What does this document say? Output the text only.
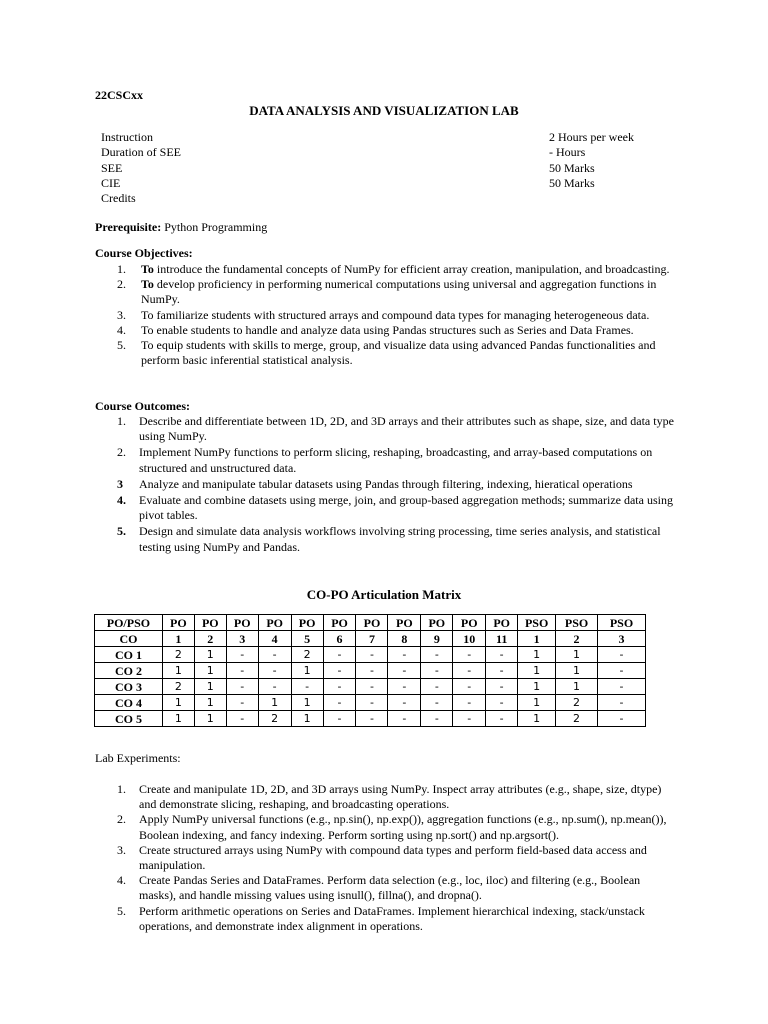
22CSCxx
DATA ANALYSIS AND VISUALIZATION LAB
Instruction	2 Hours per week
Duration of SEE	- Hours
SEE	50 Marks
CIE	50 Marks
Credits
Prerequisite: Python Programming
Course Objectives:
1. To introduce the fundamental concepts of NumPy for efficient array creation, manipulation, and broadcasting.
2. To develop proficiency in performing numerical computations using universal and aggregation functions in NumPy.
3. To familiarize students with structured arrays and compound data types for managing heterogeneous data.
4. To enable students to handle and analyze data using Pandas structures such as Series and Data Frames.
5. To equip students with skills to merge, group, and visualize data using advanced Pandas functionalities and perform basic inferential statistical analysis.
Course Outcomes:
1. Describe and differentiate between 1D, 2D, and 3D arrays and their attributes such as shape, size, and data type using NumPy.
2. Implement NumPy functions to perform slicing, reshaping, broadcasting, and array-based computations on structured and unstructured data.
3 Analyze and manipulate tabular datasets using Pandas through filtering, indexing, hieratical operations
4. Evaluate and combine datasets using merge, join, and group-based aggregation methods; summarize data using pivot tables.
5. Design and simulate data analysis workflows involving string processing, time series analysis, and statistical testing using NumPy and Pandas.
CO-PO Articulation Matrix
PO/PSO	PO	PO	PO	PO	PO	PO	PO	PO	PO	PO	PO	PSO	PSO	PSO
CO	1	2	3	4	5	6	7	8	9	10	11	1	2	3
CO 1	2	1	-	-	2	-	-	-	-	-	-	1	1	-
CO 2	1	1	-	-	1	-	-	-	-	-	-	1	1	-
CO 3	2	1	-	-	-	-	-	-	-	-	-	1	1	-
CO 4	1	1	-	1	1	-	-	-	-	-	-	1	2	-
CO 5	1	1	-	2	1	-	-	-	-	-	-	1	2	-
Lab Experiments:
1. Create and manipulate 1D, 2D, and 3D arrays using NumPy. Inspect array attributes (e.g., shape, size, dtype) and demonstrate slicing, reshaping, and broadcasting operations.
2. Apply NumPy universal functions (e.g., np.sin(), np.exp()), aggregation functions (e.g., np.sum(), np.mean()), Boolean indexing, and fancy indexing. Perform sorting using np.sort() and np.argsort().
3. Create structured arrays using NumPy with compound data types and perform field-based data access and manipulation.
4. Create Pandas Series and DataFrames. Perform data selection (e.g., loc, iloc) and filtering (e.g., Boolean masks), and handle missing values using isnull(), fillna(), and dropna().
5. Perform arithmetic operations on Series and DataFrames. Implement hierarchical indexing, stack/unstack operations, and demonstrate index alignment in operations.
